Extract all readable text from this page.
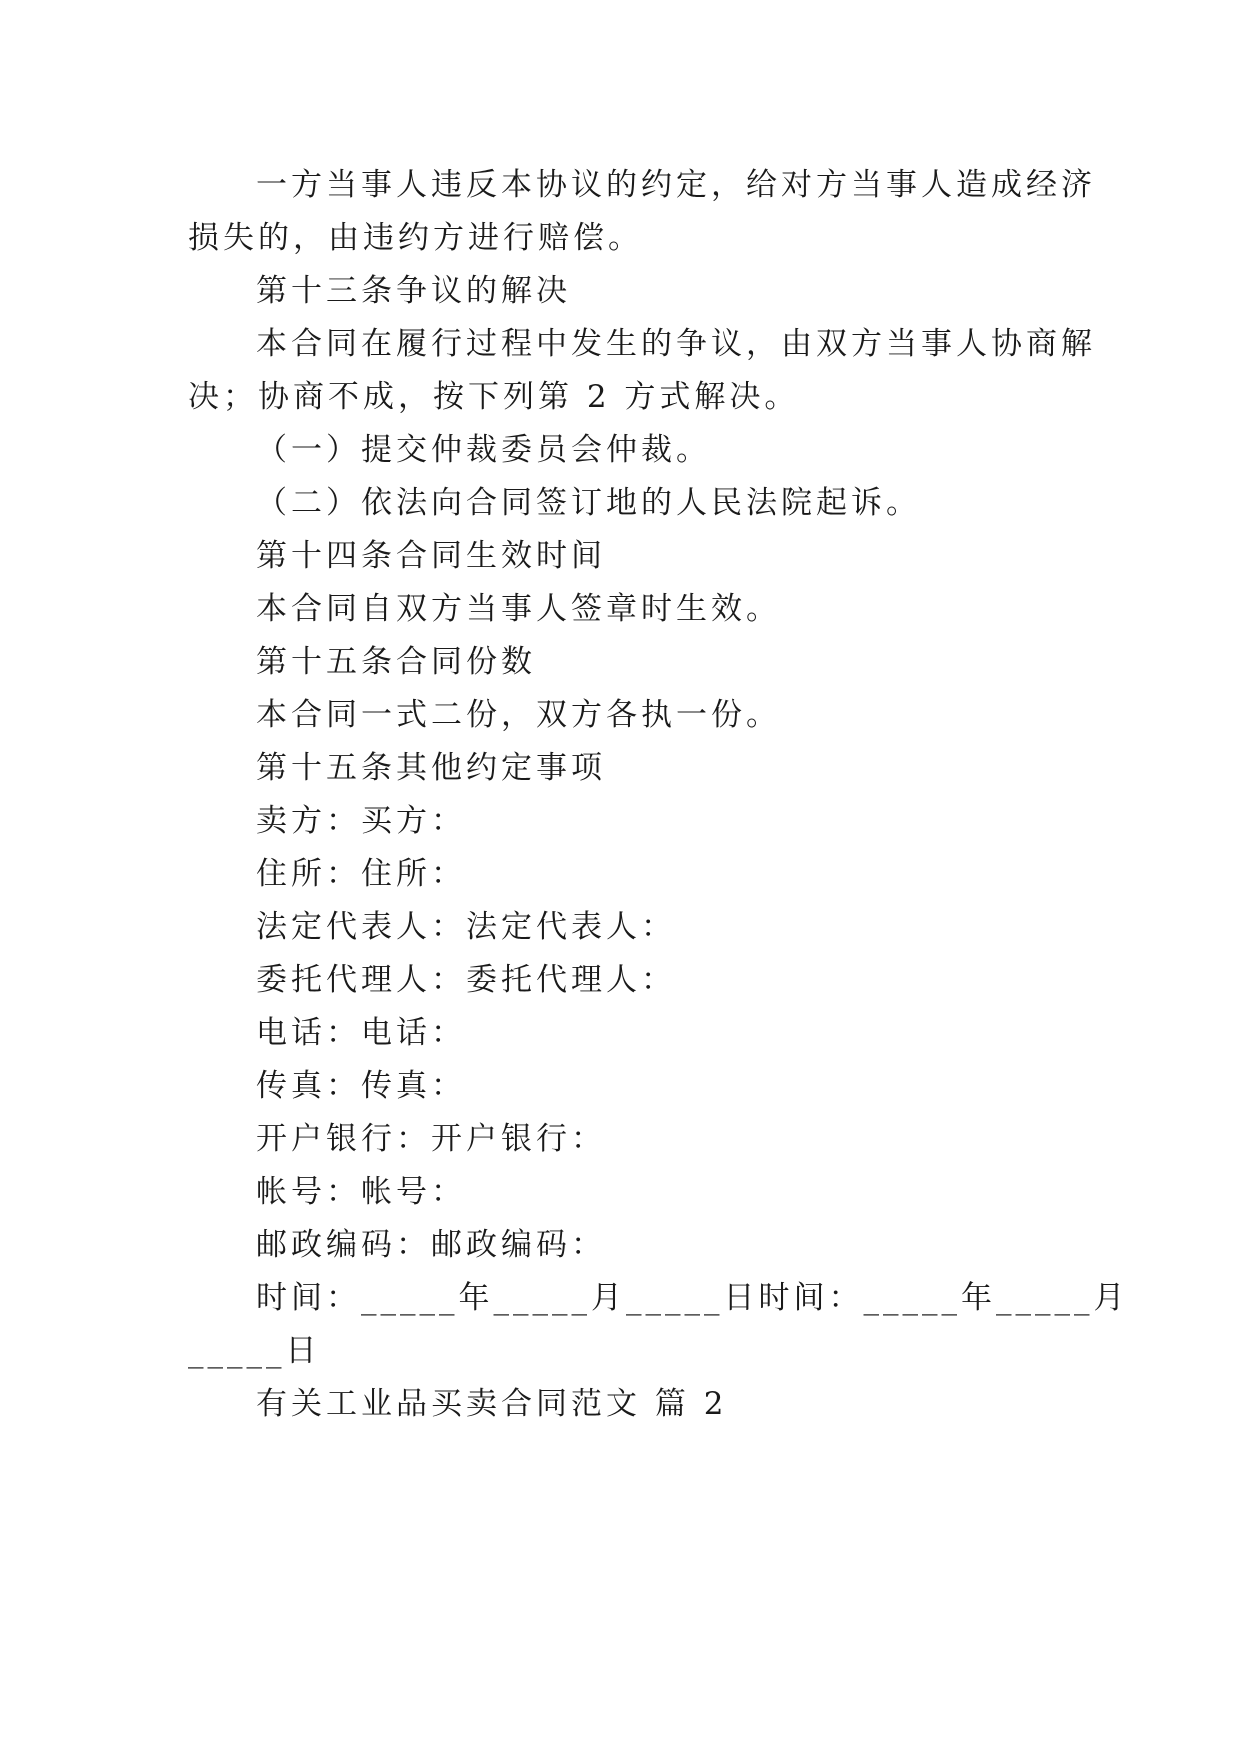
一方当事人违反本协议的约定，给对方当事人造成经济
损失的，由违约方进行赔偿。
第十三条争议的解决
本合同在履行过程中发生的争议，由双方当事人协商解
决；协商不成，按下列第 2 方式解决。
（一）提交仲裁委员会仲裁。
（二）依法向合同签订地的人民法院起诉。
第十四条合同生效时间
本合同自双方当事人签章时生效。
第十五条合同份数
本合同一式二份，双方各执一份。
第十五条其他约定事项
卖方：买方：
住所：住所：
法定代表人：法定代表人：
委托代理人：委托代理人：
电话：电话：
传真：传真：
开户银行：开户银行：
帐号：帐号：
邮政编码：邮政编码：
时间：_____年_____月_____日时间：_____年_____月
_____日
有关工业品买卖合同范文 篇 2
